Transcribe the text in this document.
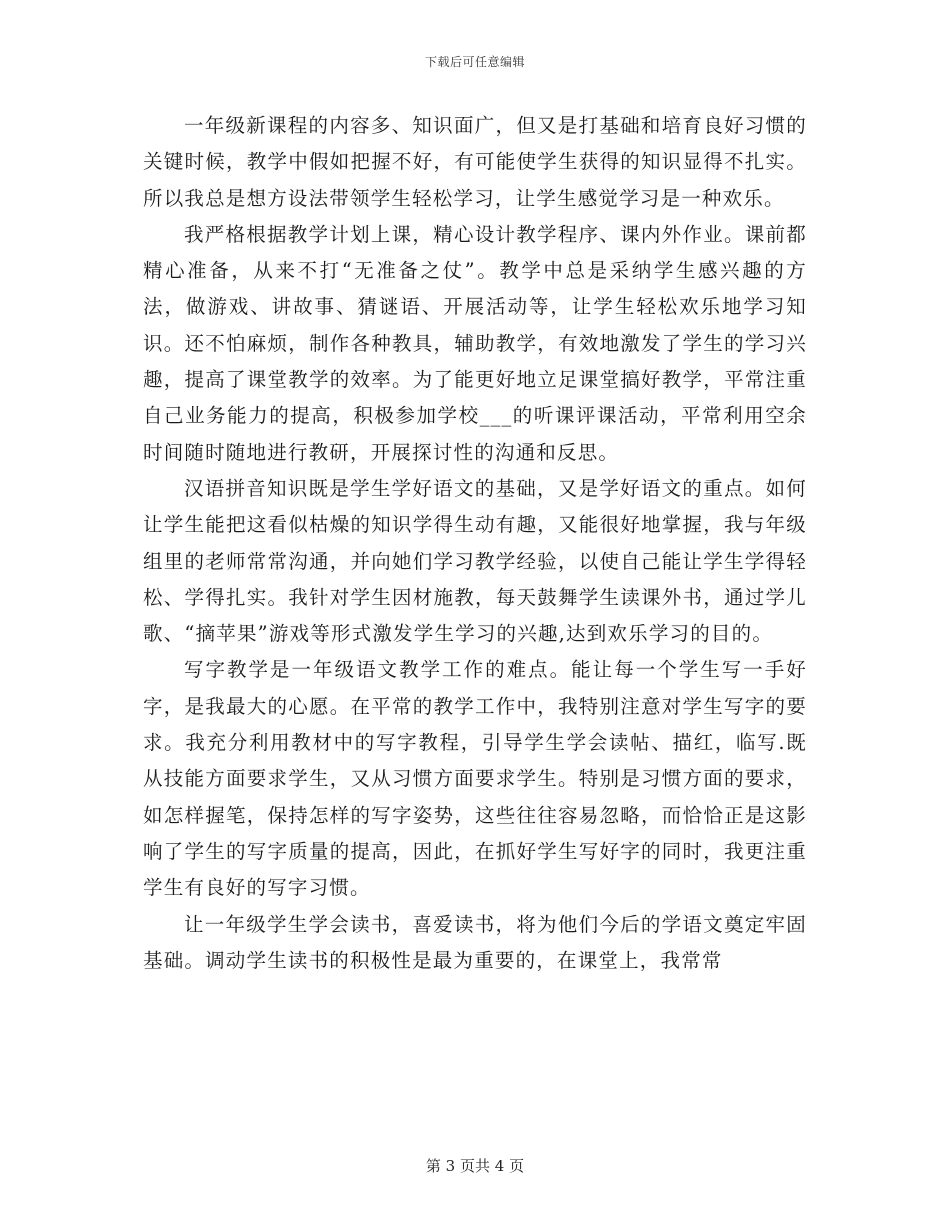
下载后可任意编辑

一年级新课程的内容多、知识面广，但又是打基础和培育良好习惯的关键时候，教学中假如把握不好，有可能使学生获得的知识显得不扎实。所以我总是想方设法带领学生轻松学习，让学生感觉学习是一种欢乐。

我严格根据教学计划上课，精心设计教学程序、课内外作业。课前都精心准备，从来不打“无准备之仗”。教学中总是采纳学生感兴趣的方法，做游戏、讲故事、猜谜语、开展活动等，让学生轻松欢乐地学习知识。还不怕麻烦，制作各种教具，辅助教学，有效地激发了学生的学习兴趣，提高了课堂教学的效率。为了能更好地立足课堂搞好教学，平常注重自己业务能力的提高，积极参加学校___的听课评课活动，平常利用空余时间随时随地进行教研，开展探讨性的沟通和反思。

汉语拼音知识既是学生学好语文的基础，又是学好语文的重点。如何让学生能把这看似枯燥的知识学得生动有趣，又能很好地掌握，我与年级组里的老师常常沟通，并向她们学习教学经验，以使自己能让学生学得轻松、学得扎实。我针对学生因材施教，每天鼓舞学生读课外书，通过学儿歌、“摘苹果”游戏等形式激发学生学习的兴趣,达到欢乐学习的目的。

写字教学是一年级语文教学工作的难点。能让每一个学生写一手好字，是我最大的心愿。在平常的教学工作中，我特别注意对学生写字的要求。我充分利用教材中的写字教程，引导学生学会读帖、描红，临写.既从技能方面要求学生，又从习惯方面要求学生。特别是习惯方面的要求，如怎样握笔，保持怎样的写字姿势，这些往往容易忽略，而恰恰正是这影响了学生的写字质量的提高，因此，在抓好学生写好字的同时，我更注重学生有良好的写字习惯。

让一年级学生学会读书，喜爱读书，将为他们今后的学语文奠定牢固基础。调动学生读书的积极性是最为重要的，在课堂上，我常常

第 3 页共 4 页
